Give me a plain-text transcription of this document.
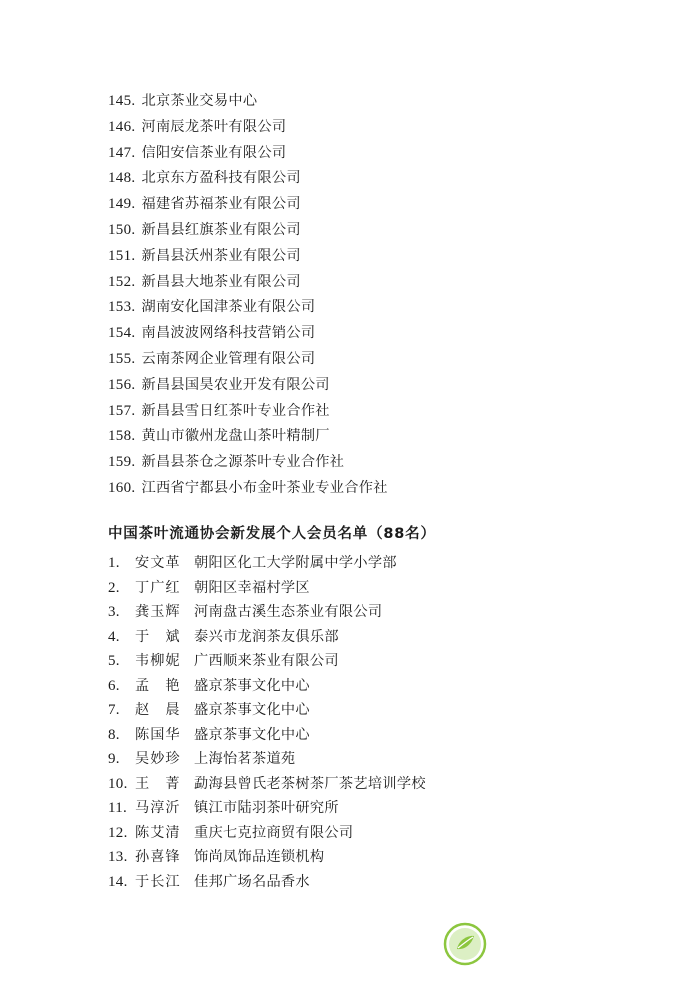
145. 北京茶业交易中心
146. 河南辰龙茶叶有限公司
147. 信阳安信茶业有限公司
148. 北京东方盈科技有限公司
149. 福建省苏福茶业有限公司
150. 新昌县红旗茶业有限公司
151. 新昌县沃州茶业有限公司
152. 新昌县大地茶业有限公司
153. 湖南安化国津茶业有限公司
154. 南昌波波网络科技营销公司
155. 云南茶网企业管理有限公司
156. 新昌县国昊农业开发有限公司
157. 新昌县雪日红茶叶专业合作社
158. 黄山市徽州龙盘山茶叶精制厂
159. 新昌县茶仓之源茶叶专业合作社
160. 江西省宁都县小布金叶茶业专业合作社
中国茶叶流通协会新发展个人会员名单（88名）
1. 安文革 朝阳区化工大学附属中学小学部
2. 丁广红 朝阳区幸福村学区
3. 龚玉辉 河南盘古溪生态茶业有限公司
4. 于　斌 泰兴市龙润茶友俱乐部
5. 韦柳妮 广西顺来茶业有限公司
6. 孟　艳 盛京茶事文化中心
7. 赵　晨 盛京茶事文化中心
8. 陈国华 盛京茶事文化中心
9. 吴妙珍 上海怡茗茶道苑
10. 王　菁 勐海县曾氏老茶树茶厂茶艺培训学校
11. 马淳沂 镇江市陆羽茶叶研究所
12. 陈艾清 重庆七克拉商贸有限公司
13. 孙喜锋 饰尚凤饰品连锁机构
14. 于长江 佳邦广场名品香水
